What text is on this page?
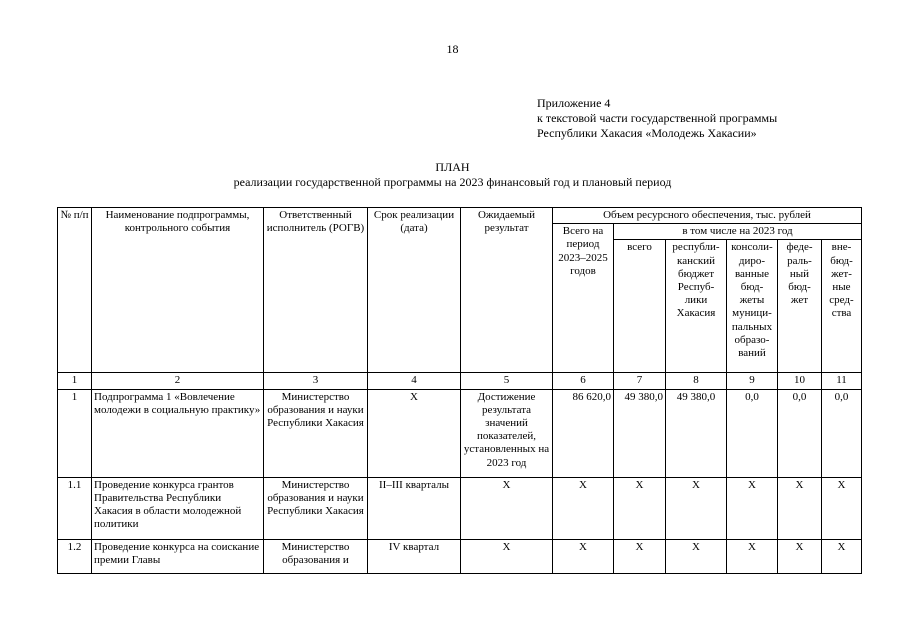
18
Приложение 4
к текстовой части государственной программы
Республики Хакасия «Молодежь Хакасии»
ПЛАН
реализации государственной программы на 2023 финансовый год и плановый период
№ п/п	Наименование подпрограммы, контрольного события	Ответственный исполнитель (РОГВ)	Срок реализации (дата)	Ожидаемый результат	Объем ресурсного обеспечения, тыс. рублей					
					Всего на период 2023–2025 годов	в том числе на 2023 год				
						всего	республи-канский бюджет Респуб-лики Хакасия	консоли-диро-ванные бюд-жеты муници-пальных образо-ваний	феде-раль-ный бюд-жет	вне-бюд-жет-ные сред-ства
1	2	3	4	5	6	7	8	9	10	11
1	Подпрограмма 1 «Вовлечение молодежи в социальную практику»	Министерство образования и науки Республики Хакасия	X	Достижение результата значений показателей, установленных на 2023 год	86 620,0	49 380,0	49 380,0	0,0	0,0	0,0
1.1	Проведение конкурса грантов Правительства Республики Хакасия в области молодежной политики	Министерство образования и науки Республики Хакасия	II–III кварталы	X	X	X	X	X	X	X
1.2	Проведение конкурса на соискание премии Главы	Министерство образования и	IV квартал	X	X	X	X	X	X	X
